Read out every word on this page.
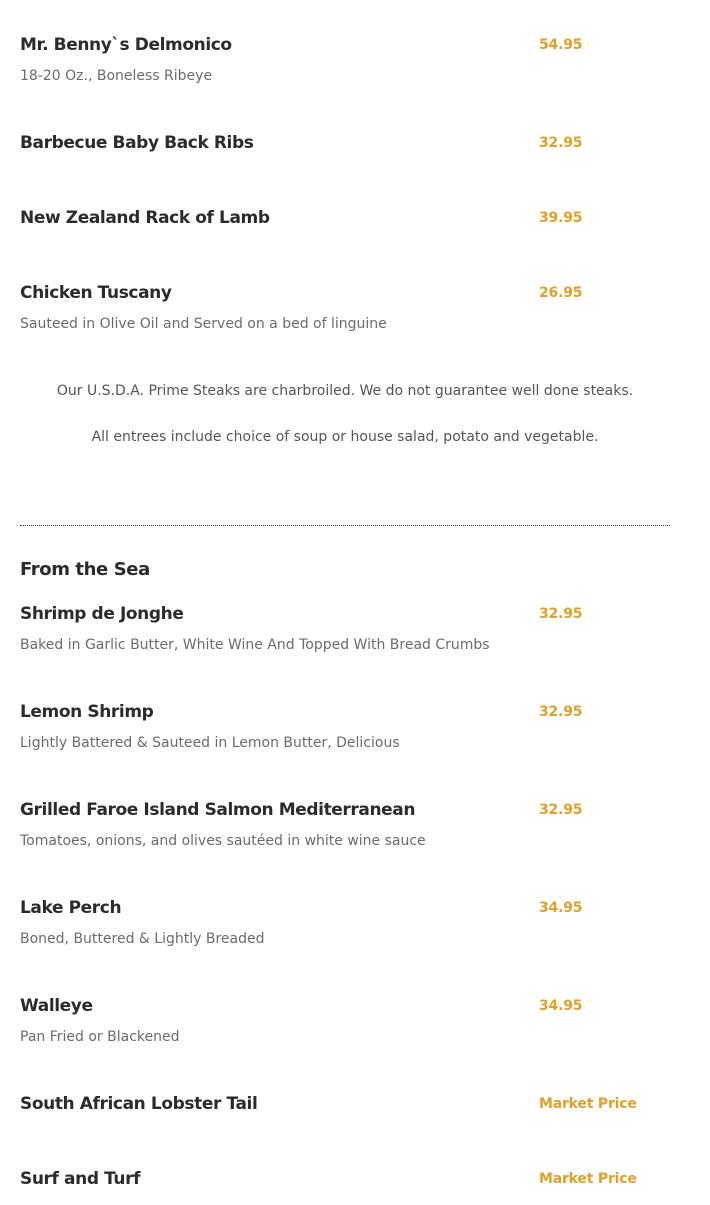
Mr. Benny`s Delmonico	54.95
18-20 Oz., Boneless Ribeye
Barbecue Baby Back Ribs	32.95
New Zealand Rack of Lamb	39.95
Chicken Tuscany	26.95
Sauteed in Olive Oil and Served on a bed of linguine
Our U.S.D.A. Prime Steaks are charbroiled. We do not guarantee well done steaks.
All entrees include choice of soup or house salad, potato and vegetable.
From the Sea
Shrimp de Jonghe	32.95
Baked in Garlic Butter, White Wine And Topped With Bread Crumbs
Lemon Shrimp	32.95
Lightly Battered & Sauteed in Lemon Butter, Delicious
Grilled Faroe Island Salmon Mediterranean	32.95
Tomatoes, onions, and olives sautéed in white wine sauce
Lake Perch	34.95
Boned, Buttered & Lightly Breaded
Walleye	34.95
Pan Fried or Blackened
South African Lobster Tail	Market Price
Surf and Turf	Market Price
